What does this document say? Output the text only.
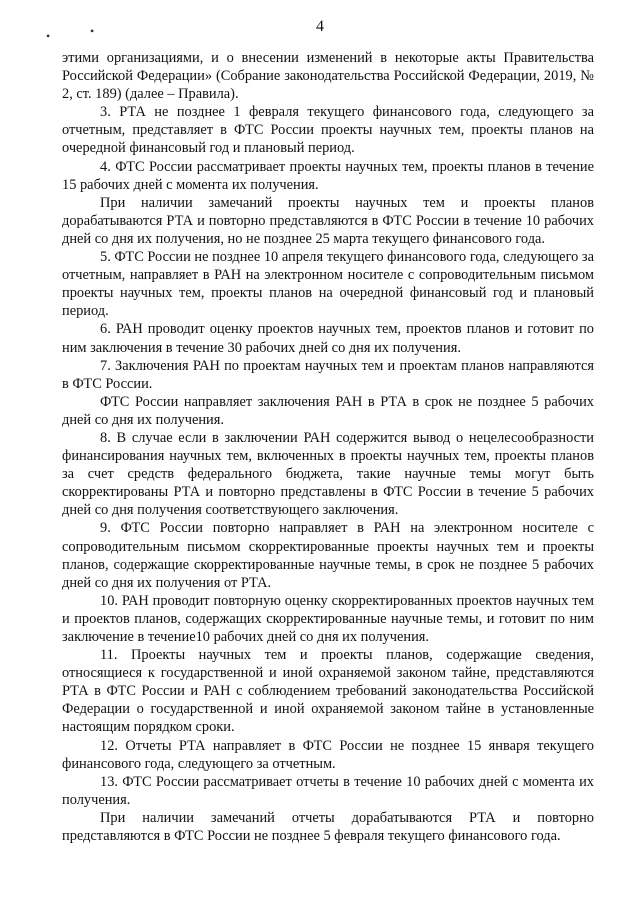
4
•	•

этими организациями, и о внесении изменений в некоторые акты Правительства Российской Федерации» (Собрание законодательства Российской Федерации, 2019, № 2, ст. 189) (далее – Правила).

3. РТА не позднее 1 февраля текущего финансового года, следующего за отчетным, представляет в ФТС России проекты научных тем, проекты планов на очередной финансовый год и плановый период.

4. ФТС России рассматривает проекты научных тем, проекты планов в течение 15 рабочих дней с момента их получения.

При наличии замечаний проекты научных тем и проекты планов дорабатываются РТА и повторно представляются в ФТС России в течение 10 рабочих дней со дня их получения, но не позднее 25 марта текущего финансового года.

5. ФТС России не позднее 10 апреля текущего финансового года, следующего за отчетным, направляет в РАН на электронном носителе с сопроводительным письмом проекты научных тем, проекты планов на очередной финансовый год и плановый период.

6. РАН проводит оценку проектов научных тем, проектов планов и готовит по ним заключения в течение 30 рабочих дней со дня их получения.

7. Заключения РАН по проектам научных тем и проектам планов направляются в ФТС России.

ФТС России направляет заключения РАН в РТА в срок не позднее 5 рабочих дней со дня их получения.

8. В случае если в заключении РАН содержится вывод о нецелесообразности финансирования научных тем, включенных в проекты научных тем, проекты планов за счет средств федерального бюджета, такие научные темы могут быть скорректированы РТА и повторно представлены в ФТС России в течение 5 рабочих дней со дня получения соответствующего заключения.

9. ФТС России повторно направляет в РАН на электронном носителе с сопроводительным письмом скорректированные проекты научных тем и проекты планов, содержащие скорректированные научные темы, в срок не позднее 5 рабочих дней со дня их получения от РТА.

10. РАН проводит повторную оценку скорректированных проектов научных тем и проектов планов, содержащих скорректированные научные темы, и готовит по ним заключение в течение10 рабочих дней со дня их получения.

11. Проекты научных тем и проекты планов, содержащие сведения, относящиеся к государственной и иной охраняемой законом тайне, представляются РТА в ФТС России и РАН с соблюдением требований законодательства Российской Федерации о государственной и иной охраняемой законом тайне в установленные настоящим порядком сроки.

12. Отчеты РТА направляет в ФТС России не позднее 15 января текущего финансового года, следующего за отчетным.

13. ФТС России рассматривает отчеты в течение 10 рабочих дней с момента их получения.

При наличии замечаний отчеты дорабатываются РТА и повторно представляются в ФТС России не позднее 5 февраля текущего финансового года.
